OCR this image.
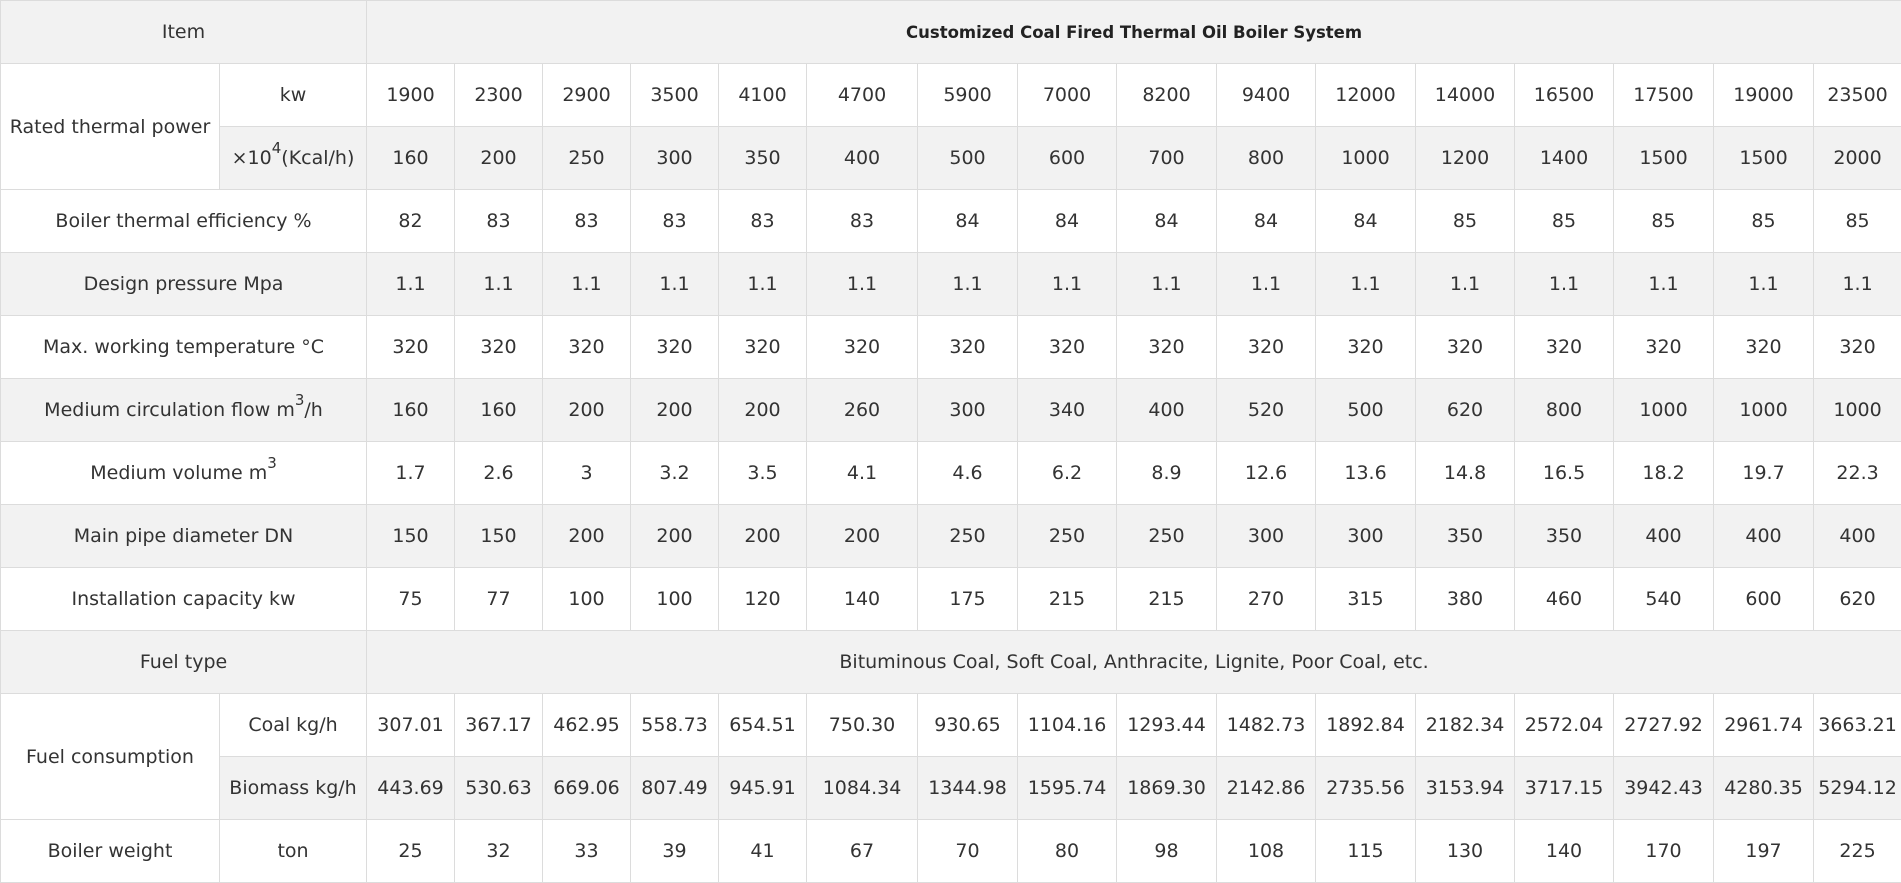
Item		Customized Coal Fired Thermal Oil Boiler System															
Rated thermal power	kw	1900	2300	2900	3500	4100	4700	5900	7000	8200	9400	12000	14000	16500	17500	19000	23500
	$\times 10^4(Kcal/h)$	160	200	250	300	350	400	500	600	700	800	1000	1200	1400	1500	1500	2000
Boiler thermal efficiency %		82	83	83	83	83	83	84	84	84	84	84	85	85	85	85	85
Design pressure Mpa		1.1	1.1	1.1	1.1	1.1	1.1	1.1	1.1	1.1	1.1	1.1	1.1	1.1	1.1	1.1	1.1
Max. working temperature °C		320	320	320	320	320	320	320	320	320	320	320	320	320	320	320	320
Medium circulation flow $m^3/h$		160	160	200	200	200	260	300	340	400	520	500	620	800	1000	1000	1000
Medium volume $m^3$		1.7	2.6	3	3.2	3.5	4.1	4.6	6.2	8.9	12.6	13.6	14.8	16.5	18.2	19.7	22.3
Main pipe diameter DN		150	150	200	200	200	200	250	250	250	300	300	350	350	400	400	400
Installation capacity kw		75	77	100	100	120	140	175	215	215	270	315	380	460	540	600	620
Fuel type		Bituminous Coal, Soft Coal, Anthracite, Lignite, Poor Coal, etc.															
Fuel consumption	Coal kg/h	307.01	367.17	462.95	558.73	654.51	750.30	930.65	1104.16	1293.44	1482.73	1892.84	2182.34	2572.04	2727.92	2961.74	3663.21
	Biomass kg/h	443.69	530.63	669.06	807.49	945.91	1084.34	1344.98	1595.74	1869.30	2142.86	2735.56	3153.94	3717.15	3942.43	4280.35	5294.12
Boiler weight	ton	25	32	33	39	41	67	70	80	98	108	115	130	140	170	197	225
